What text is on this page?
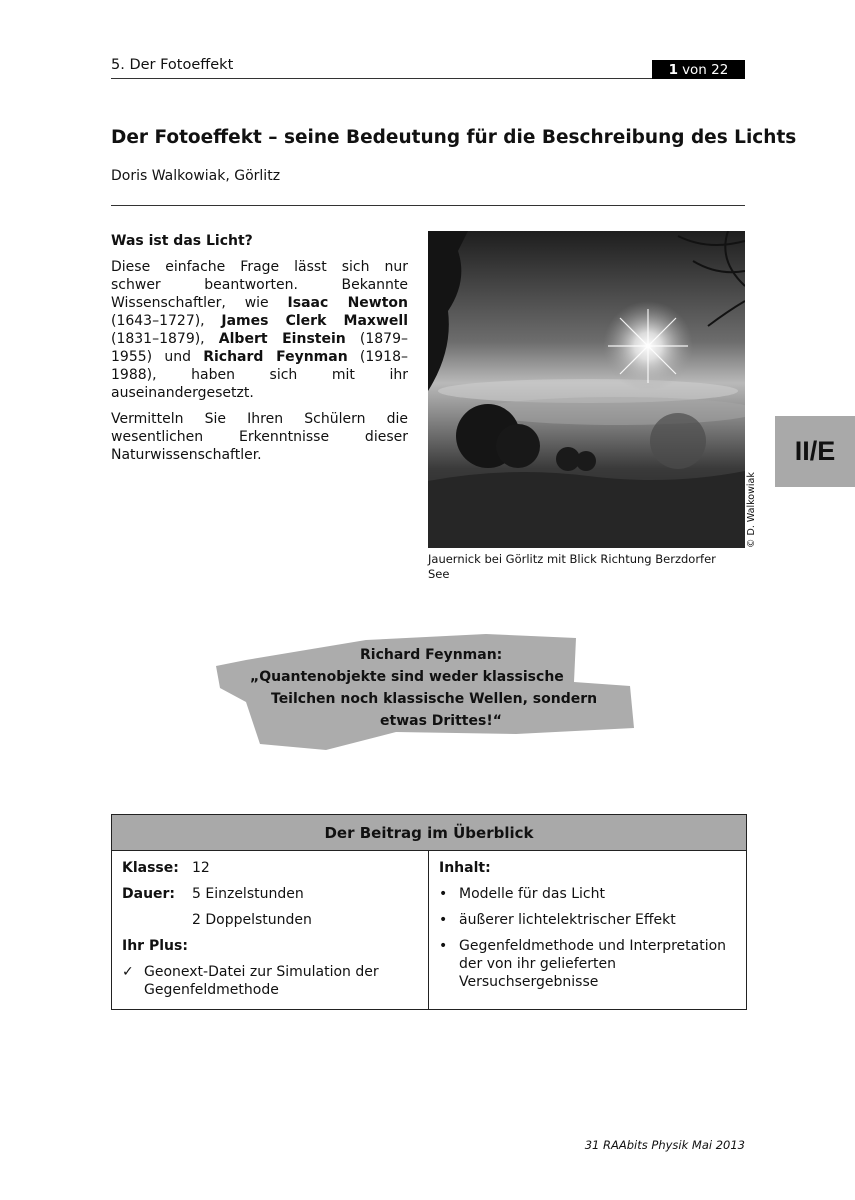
5. Der Fotoeffekt	1 von 22
Der Fotoeffekt – seine Bedeutung für die Beschreibung des Lichts
Doris Walkowiak, Görlitz
Was ist das Licht?

Diese einfache Frage lässt sich nur schwer beantworten. Bekannte Wissenschaftler, wie Isaac Newton (1643–1727), James Clerk Maxwell (1831–1879), Albert Einstein (1879–1955) und Richard Feynman (1918–1988), haben sich mit ihr auseinandergesetzt.

Vermitteln Sie Ihren Schülern die wesentlichen Erkenntnisse dieser Naturwissenschaftler.

© D. Walkowiak
Jauernick bei Görlitz mit Blick Richtung Berzdorfer See
II/E
Richard Feynman:
„Quantenobjekte sind weder klassische
Teilchen noch klassische Wellen, sondern
etwas Drittes!“
Der Beitrag im Überblick
Klasse: 12
Dauer:	5 Einzelstunden
2 Doppelstunden
Ihr Plus:
✓ Geonext-Datei zur Simulation der Gegenfeldmethode
Inhalt:
• Modelle für das Licht
• äußerer lichtelektrischer Effekt
• Gegenfeldmethode und Interpretation der von ihr gelieferten Versuchsergebnisse
31 RAAbits Physik Mai 2013
